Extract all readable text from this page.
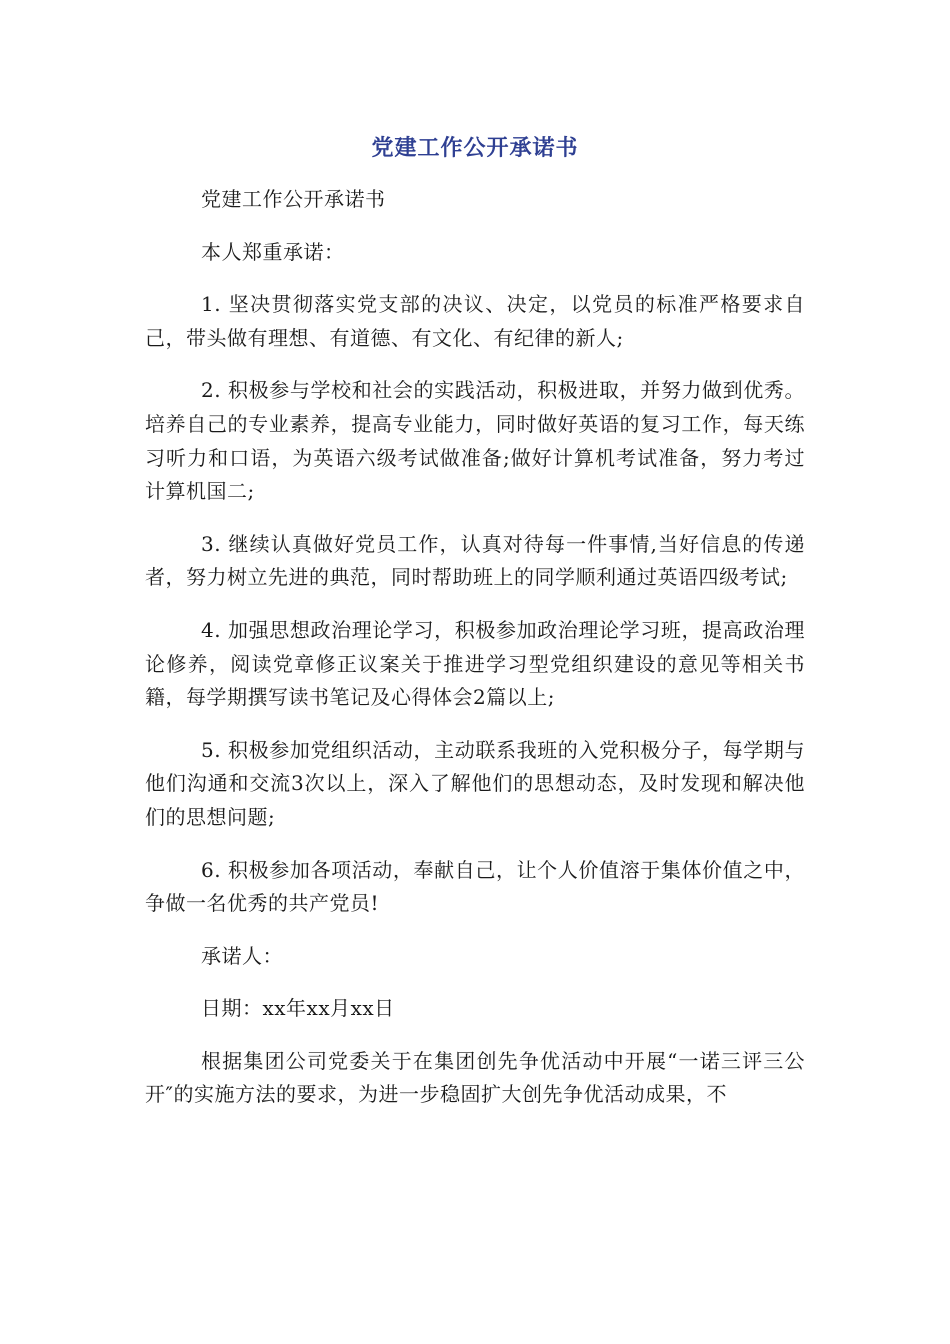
党建工作公开承诺书

党建工作公开承诺书

本人郑重承诺：

1. 坚决贯彻落实党支部的决议、决定，以党员的标准严格要求自己，带头做有理想、有道德、有文化、有纪律的新人;

2. 积极参与学校和社会的实践活动，积极进取，并努力做到优秀。培养自己的专业素养，提高专业能力，同时做好英语的复习工作，每天练习听力和口语，为英语六级考试做准备;做好计算机考试准备，努力考过计算机国二;

3. 继续认真做好党员工作，认真对待每一件事情,当好信息的传递者，努力树立先进的典范，同时帮助班上的同学顺利通过英语四级考试;

4. 加强思想政治理论学习，积极参加政治理论学习班，提高政治理论修养，阅读党章修正议案关于推进学习型党组织建设的意见等相关书籍，每学期撰写读书笔记及心得体会2篇以上;

5. 积极参加党组织活动，主动联系我班的入党积极分子，每学期与他们沟通和交流3次以上，深入了解他们的思想动态，及时发现和解决他们的思想问题;

6. 积极参加各项活动，奉献自己，让个人价值溶于集体价值之中，争做一名优秀的共产党员!

承诺人：

日期：xx年xx月xx日

根据集团公司党委关于在集团创先争优活动中开展“一诺三评三公开″的实施方法的要求，为进一步稳固扩大创先争优活动成果，不
